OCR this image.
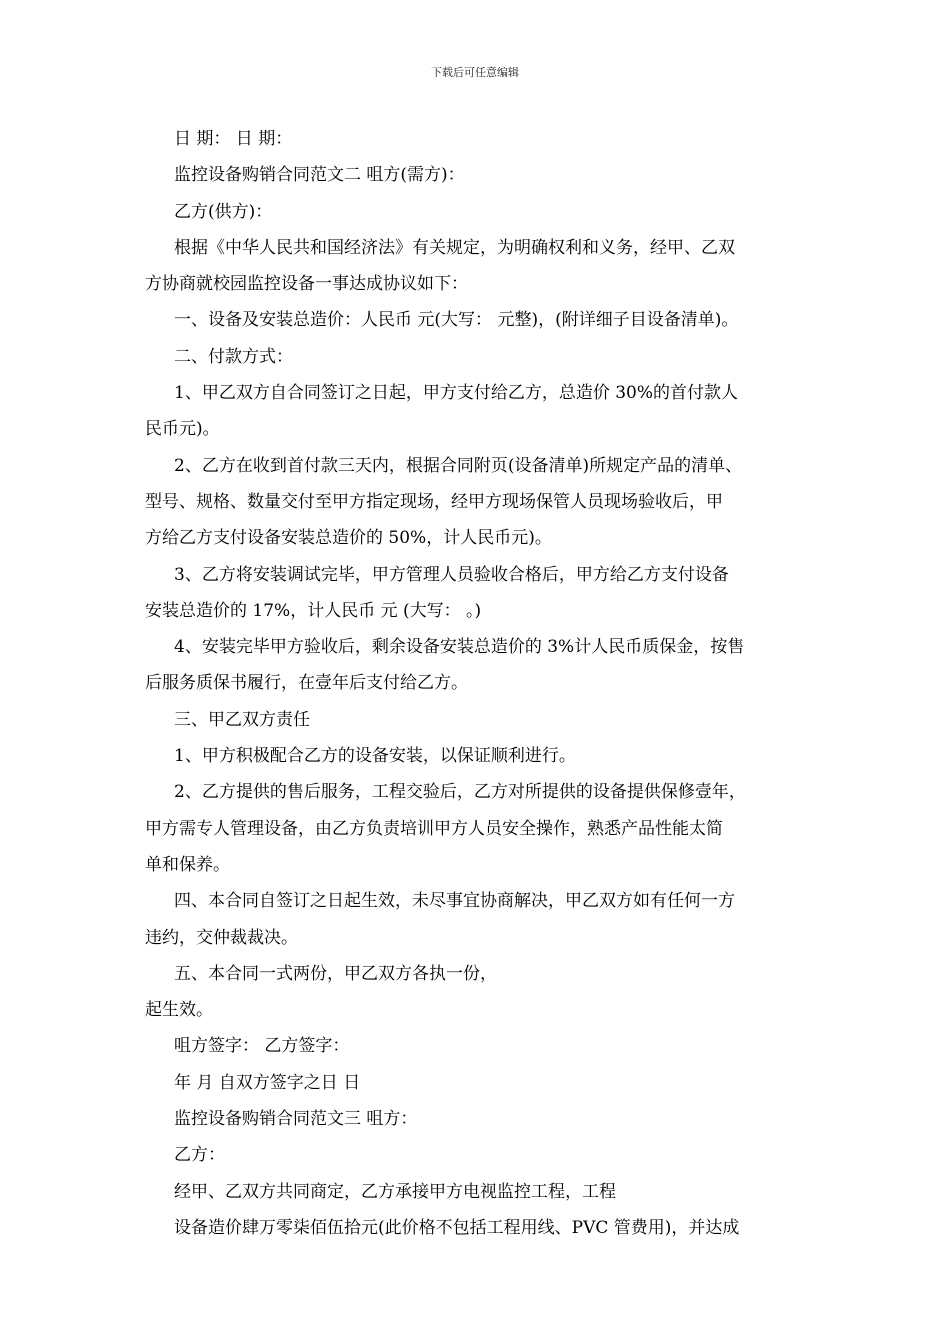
下载后可任意编辑
日 期： 日 期：
监控设备购销合同范文二 咀方(需方)：
乙方(供方)：
根据《中华人民共和国经济法》有关规定，为明确权利和义务，经甲、乙双
方协商就校园监控设备一事达成协议如下：
一、设备及安装总造价：人民币 元(大写： 元整)，(附详细子目设备清单)。
二、付款方式：
1、甲乙双方自合同签订之日起，甲方支付给乙方，总造价 30%的首付款人
民币元)。
2、乙方在收到首付款三天内，根据合同附页(设备清单)所规定产品的清单、
型号、规格、数量交付至甲方指定现场，经甲方现场保管人员现场验收后，甲
方给乙方支付设备安装总造价的 50%，计人民币元)。
3、乙方将安装调试完毕，甲方管理人员验收合格后，甲方给乙方支付设备
安装总造价的 17%，计人民币 元 (大写： 。)
4、安装完毕甲方验收后，剩余设备安装总造价的 3%计人民币质保金，按售
后服务质保书履行，在壹年后支付给乙方。
三、甲乙双方责任
1、甲方积极配合乙方的设备安装，以保证顺利进行。
2、乙方提供的售后服务，工程交验后，乙方对所提供的设备提供保修壹年，
甲方需专人管理设备，由乙方负责培训甲方人员安全操作，熟悉产品性能太简
单和保养。
四、本合同自签订之日起生效，未尽事宜协商解决，甲乙双方如有任何一方
违约，交仲裁裁决。
五、本合同一式两份，甲乙双方各执一份，
起生效。
咀方签字： 乙方签字：
年 月 自双方签字之日 日
监控设备购销合同范文三 咀方：
乙方：
经甲、乙双方共同商定，乙方承接甲方电视监控工程，工程
设备造价肆万零柒佰伍拾元(此价格不包括工程用线、PVC 管费用)，并达成
